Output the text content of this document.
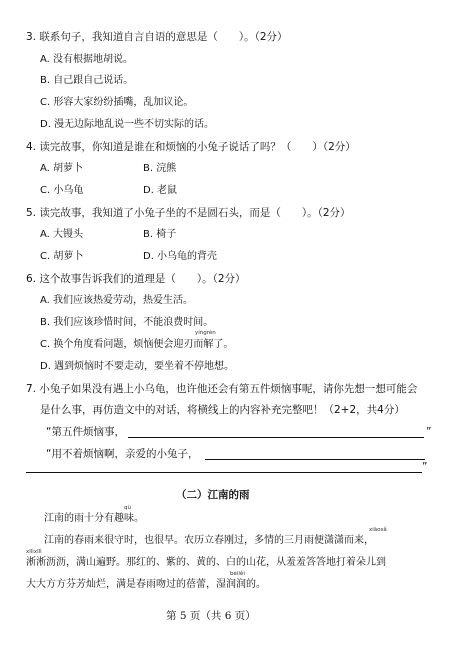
3. 联系句子，我知道自言自语的意思是（　　）。（2分）
A. 没有根据地胡说。
B. 自己跟自己说话。
C. 形容大家纷纷插嘴，乱加议论。
D. 漫无边际地乱说一些不切实际的话。
4. 读完故事，你知道是谁在和烦恼的小兔子说话了吗？（　　）（2分）
A. 胡萝卜	B. 浣熊
C. 小乌龟	D. 老鼠
5. 读完故事，我知道了小兔子坐的不是圆石头，而是（　　）。（2分）
A. 大镘头	B. 椅子
C. 胡萝卜	D. 小乌龟的背壳
6. 这个故事告诉我们的道理是（　　）。（2分）
A. 我们应该热爱劳动，热爱生活。
B. 我们应该珍惜时间，不能浪费时间。
yíngrèn
C. 换个角度看问题，烦恼便会迎刃而解了。
D. 遇到烦恼时不要走动，要坐着不停地想。
7. 小兔子如果没有遇上小乌龟，也许他还会有第五件烦恼事呢，请你先想一想可能会
是什么事，再仿造文中的对话，将横线上的内容补充完整吧！（2+2，共4分）
“第五件烦恼事，	”
“用不着烦恼啊，亲爱的小兔子，
”
（二）江南的雨
qù
江南的雨十分有趣味。
xiāosǎ
江南的春雨来很守时，也很早。农历立春刚过，多情的三月雨便潇潇而来，
xīlìxīlì
淅淅沥沥，满山遍野。那红的、紫的、黄的、白的山花，从羞羞答答地打着朵儿到
bèilěi
大大方方芬芳灿烂，满是春雨吻过的蓓蕾，湿润润的。
第 5 页（共 6 页）
